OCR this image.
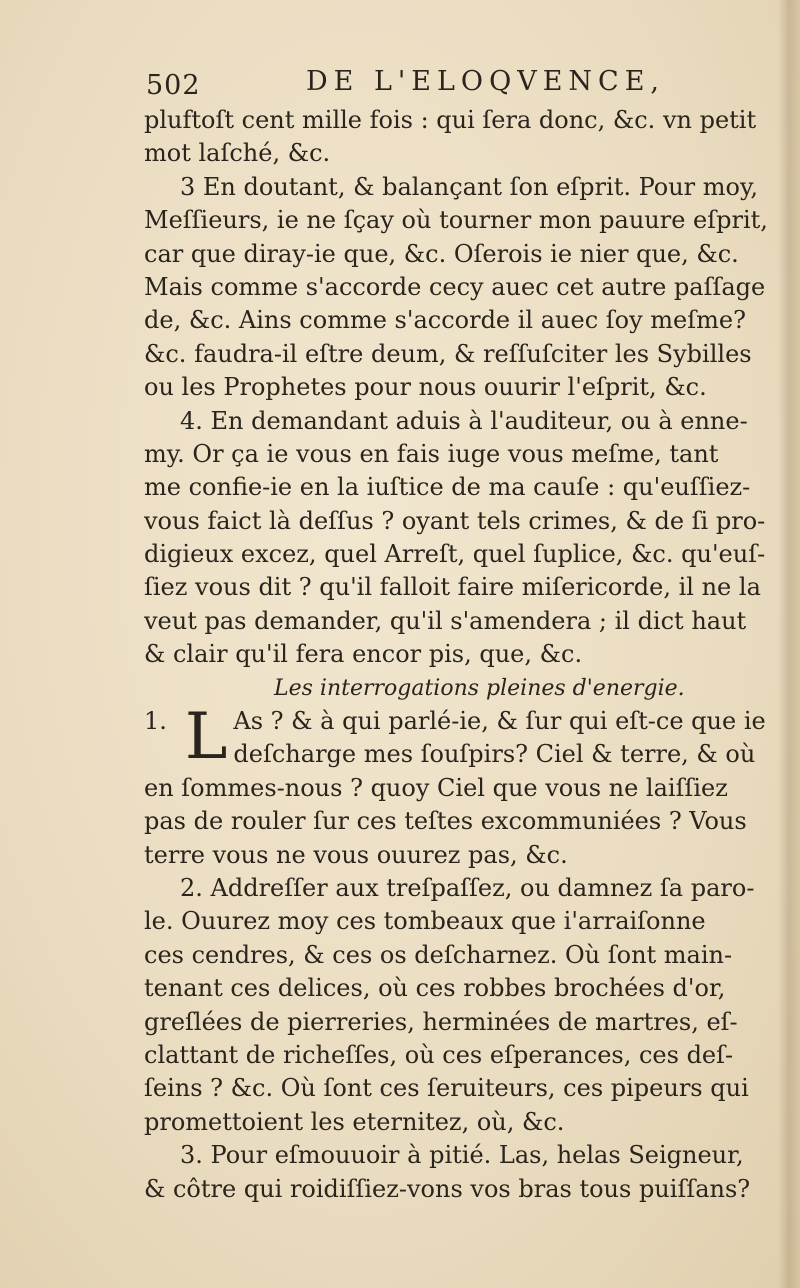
502	DE L'ELOQVENCE,
pluftoſt cent mille fois : qui ſera donc, &c. vn petit
mot laſché, &c.
3 En doutant, & balançant ſon eſprit. Pour moy,
Meſſieurs, ie ne ſçay où tourner mon pauure eſprit,
car que diray-ie que, &c. Oſerois ie nier que, &c.
Mais comme s'accorde cecy auec cet autre paſſage
de, &c. Ains comme s'accorde il auec ſoy meſme?
&c. faudra-il eſtre deum, & reſſuſciter les Sybilles
ou les Prophetes pour nous ouurir l'eſprit, &c.
4. En demandant aduis à l'auditeur, ou à enne-
my. Or ça ie vous en fais iuge vous meſme, tant
me confie-ie en la iuſtice de ma cauſe : qu'euſſiez-
vous faict là deſſus ? oyant tels crimes, & de ſi pro-
digieux excez, quel Arreſt, quel ſuplice, &c. qu'euſ-
ſiez vous dit ? qu'il falloit faire miſericorde, il ne la
veut pas demander, qu'il s'amendera ; il dict haut
& clair qu'il fera encor pis, que, &c.
Les interrogations pleines d'energie.
1. L As ? & à qui parlé-ie, & ſur qui eſt-ce que ie
deſcharge mes ſouſpirs? Ciel & terre, & où
en ſommes-nous ? quoy Ciel que vous ne laiſſiez
pas de rouler ſur ces teſtes excommuniées ? Vous
terre vous ne vous ouurez pas, &c.
2. Addreſſer aux treſpaſſez, ou damnez ſa paro-
le. Ouurez moy ces tombeaux que i'arraiſonne
ces cendres, & ces os deſcharnez. Où ſont main-
tenant ces delices, où ces robbes brochées d'or,
greſlées de pierreries, herminées de martres, eſ-
clattant de richeſſes, où ces eſperances, ces deſ-
ſeins ? &c. Où ſont ces ſeruiteurs, ces pipeurs qui
promettoient les eternitez, où, &c.
3. Pour eſmouuoir à pitié. Las, helas Seigneur,
& côtre qui roidiſſiez-vons vos bras tous puiſſans?
